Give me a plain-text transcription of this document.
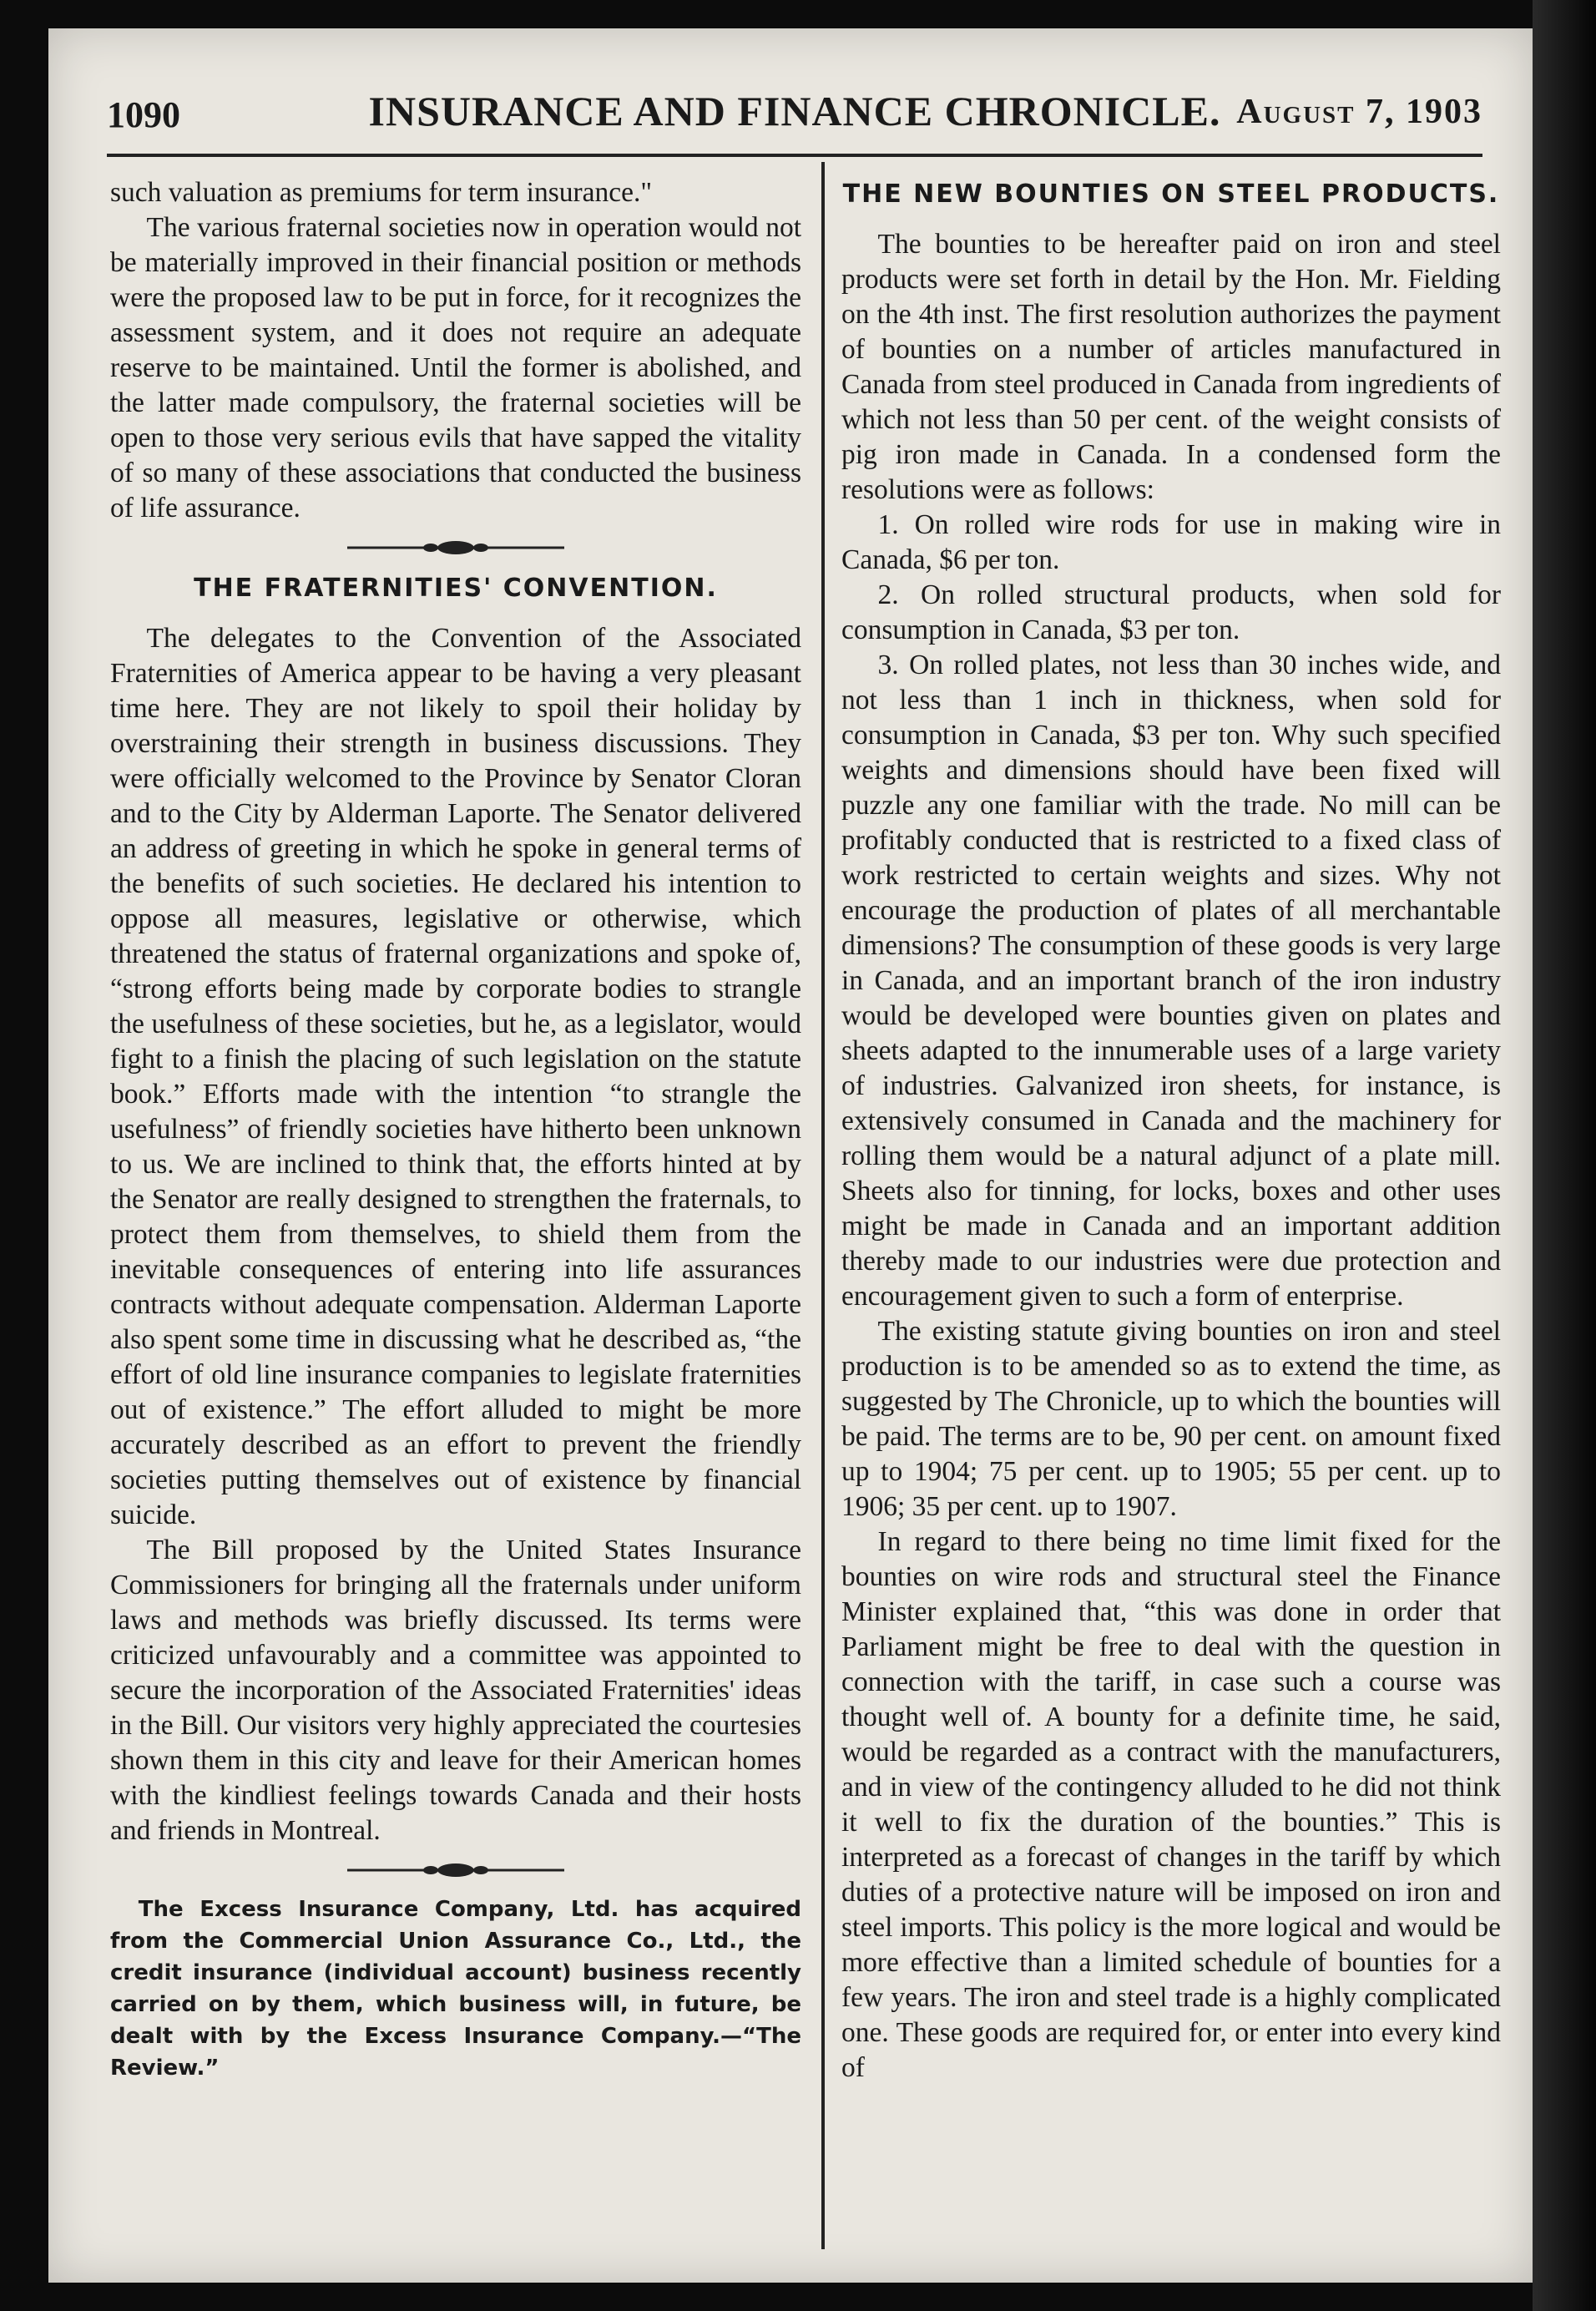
1090	INSURANCE AND FINANCE CHRONICLE. August 7, 1903

such valuation as premiums for term insurance."

The various fraternal societies now in operation would not be materially improved in their financial position or methods were the proposed law to be put in force, for it recognizes the assessment system, and it does not require an adequate reserve to be maintained. Until the former is abolished, and the latter made compulsory, the fraternal societies will be open to those very serious evils that have sapped the vitality of so many of these associations that conducted the business of life assurance.

THE FRATERNITIES' CONVENTION.

The delegates to the Convention of the Associated Fraternities of America appear to be having a very pleasant time here. They are not likely to spoil their holiday by overstraining their strength in business discussions. They were officially welcomed to the Province by Senator Cloran and to the City by Alderman Laporte. The Senator delivered an address of greeting in which he spoke in general terms of the benefits of such societies. He declared his intention to oppose all measures, legislative or otherwise, which threatened the status of fraternal organizations and spoke of, “strong efforts being made by corporate bodies to strangle the usefulness of these societies, but he, as a legislator, would fight to a finish the placing of such legislation on the statute book.” Efforts made with the intention “to strangle the usefulness” of friendly societies have hitherto been unknown to us. We are inclined to think that, the efforts hinted at by the Senator are really designed to strengthen the fraternals, to protect them from themselves, to shield them from the inevitable consequences of entering into life assurances contracts without adequate compensation. Alderman Laporte also spent some time in discussing what he described as, “the effort of old line insurance companies to legislate fraternities out of existence.” The effort alluded to might be more accurately described as an effort to prevent the friendly societies putting themselves out of existence by financial suicide.

The Bill proposed by the United States Insurance Commissioners for bringing all the fraternals under uniform laws and methods was briefly discussed. Its terms were criticized unfavourably and a committee was appointed to secure the incorporation of the Associated Fraternities' ideas in the Bill. Our visitors very highly appreciated the courtesies shown them in this city and leave for their American homes with the kindliest feelings towards Canada and their hosts and friends in Montreal.

The Excess Insurance Company, Ltd. has acquired from the Commercial Union Assurance Co., Ltd., the credit insurance (individual account) business recently carried on by them, which business will, in future, be dealt with by the Excess Insurance Company.—“The Review.”

THE NEW BOUNTIES ON STEEL PRODUCTS.

The bounties to be hereafter paid on iron and steel products were set forth in detail by the Hon. Mr. Fielding on the 4th inst. The first resolution authorizes the payment of bounties on a number of articles manufactured in Canada from steel produced in Canada from ingredients of which not less than 50 per cent. of the weight consists of pig iron made in Canada. In a condensed form the resolutions were as follows:

1. On rolled wire rods for use in making wire in Canada, $6 per ton.

2. On rolled structural products, when sold for consumption in Canada, $3 per ton.

3. On rolled plates, not less than 30 inches wide, and not less than 1 inch in thickness, when sold for consumption in Canada, $3 per ton. Why such specified weights and dimensions should have been fixed will puzzle any one familiar with the trade. No mill can be profitably conducted that is restricted to a fixed class of work restricted to certain weights and sizes. Why not encourage the production of plates of all merchantable dimensions? The consumption of these goods is very large in Canada, and an important branch of the iron industry would be developed were bounties given on plates and sheets adapted to the innumerable uses of a large variety of industries. Galvanized iron sheets, for instance, is extensively consumed in Canada and the machinery for rolling them would be a natural adjunct of a plate mill. Sheets also for tinning, for locks, boxes and other uses might be made in Canada and an important addition thereby made to our industries were due protection and encouragement given to such a form of enterprise.

The existing statute giving bounties on iron and steel production is to be amended so as to extend the time, as suggested by The Chronicle, up to which the bounties will be paid. The terms are to be, 90 per cent. on amount fixed up to 1904; 75 per cent. up to 1905; 55 per cent. up to 1906; 35 per cent. up to 1907.

In regard to there being no time limit fixed for the bounties on wire rods and structural steel the Finance Minister explained that, “this was done in order that Parliament might be free to deal with the question in connection with the tariff, in case such a course was thought well of. A bounty for a definite time, he said, would be regarded as a contract with the manufacturers, and in view of the contingency alluded to he did not think it well to fix the duration of the bounties.” This is interpreted as a forecast of changes in the tariff by which duties of a protective nature will be imposed on iron and steel imports. This policy is the more logical and would be more effective than a limited schedule of bounties for a few years. The iron and steel trade is a highly complicated one. These goods are required for, or enter into every kind of
